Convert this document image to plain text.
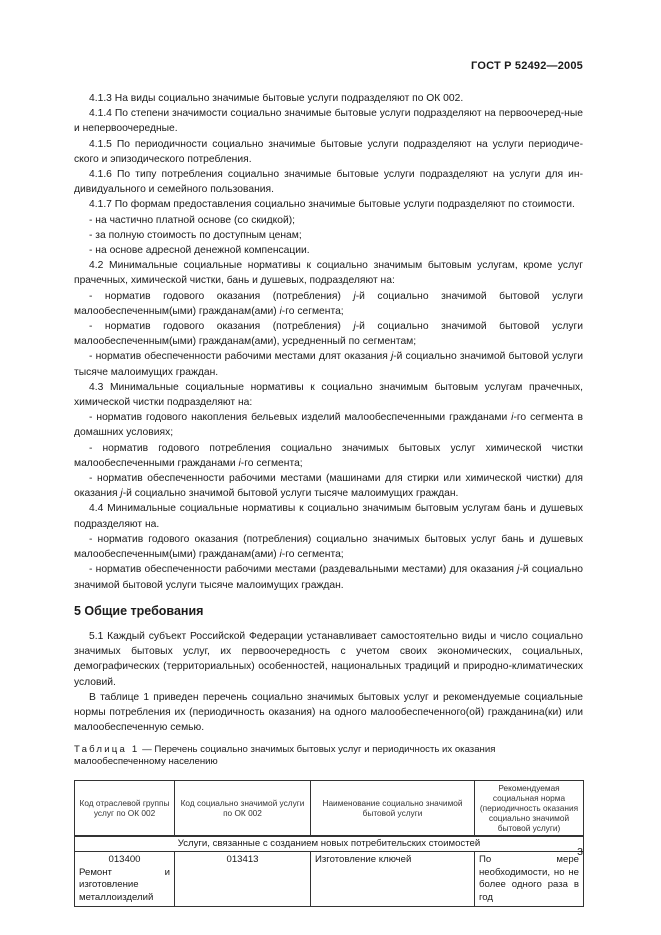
ГОСТ Р 52492—2005

4.1.3 На виды социально значимые бытовые услуги подразделяют по ОК 002.

4.1.4 По степени значимости социально значимые бытовые услуги подразделяют на первоочеред-ные и непервоочередные.

4.1.5 По периодичности социально значимые бытовые услуги подразделяют на услуги периодиче-ского и эпизодического потребления.

4.1.6 По типу потребления социально значимые бытовые услуги подразделяют на услуги для ин-дивидуального и семейного пользования.

4.1.7 По формам предоставления социально значимые бытовые услуги подразделяют по стоимости.

- на частично платной основе (со скидкой);

- за полную стоимость по доступным ценам;

- на основе адресной денежной компенсации.

4.2 Минимальные социальные нормативы к социально значимым бытовым услугам, кроме услуг прачечных, химической чистки, бань и душевых, подразделяют на:

- норматив годового оказания (потребления) j-й социально значимой бытовой услуги малообеспеченным(ыми) гражданам(ами) i-го сегмента;

- норматив годового оказания (потребления) j-й социально значимой бытовой услуги малообеспеченным(ыми) гражданам(ами), усредненный по сегментам;

- норматив обеспеченности рабочими местами длят оказания j-й социально значимой бытовой услуги тысяче малоимущих граждан.

4.3 Минимальные социальные нормативы к социально значимым бытовым услугам прачечных, химической чистки подразделяют на:

- норматив годового накопления бельевых изделий малообеспеченными гражданами i-го сегмента в домашних условиях;

- норматив годового потребления социально значимых бытовых услуг химической чистки малообеспеченными гражданами i-го сегмента;

- норматив обеспеченности рабочими местами (машинами для стирки или химической чистки) для оказания j-й социально значимой бытовой услуги тысяче малоимущих граждан.

4.4 Минимальные социальные нормативы к социально значимым бытовым услугам бань и душевых подразделяют на.

- норматив годового оказания (потребления) социально значимых бытовых услуг бань и душевых малообеспеченным(ыми) гражданам(ами) i-го сегмента;

- норматив обеспеченности рабочими местами (раздевальными местами) для оказания j-й социально значимой бытовой услуги тысяче малоимущих граждан.

5 Общие требования

5.1 Каждый субъект Российской Федерации устанавливает самостоятельно виды и число социально значимых бытовых услуг, их первоочередность с учетом своих экономических, социальных, демографических (территориальных) особенностей, национальных традиций и природно-климатических условий.

В таблице 1 приведен перечень социально значимых бытовых услуг и рекомендуемые социальные нормы потребления их (периодичность оказания) на одного малообеспеченного(ой) гражданина(ки) или малообеспеченную семью.

Таблица 1 — Перечень социально значимых бытовых услуг и периодичность их оказания малообеспеченному населению
Код отраслевой группы услуг по ОК 002	Код социально значимой услуги по ОК 002	Наименование социально значимой бытовой услуги	Рекомендуемая социальная норма (периодичность оказания социально значимой бытовой услуги)
Услуги, связанные с созданием новых потребительских стоимостей			

013400
Ремонт и изготовление металлоизделий	013413	Изготовление ключей	По мере необходимости, но не более одного раза в год
3
